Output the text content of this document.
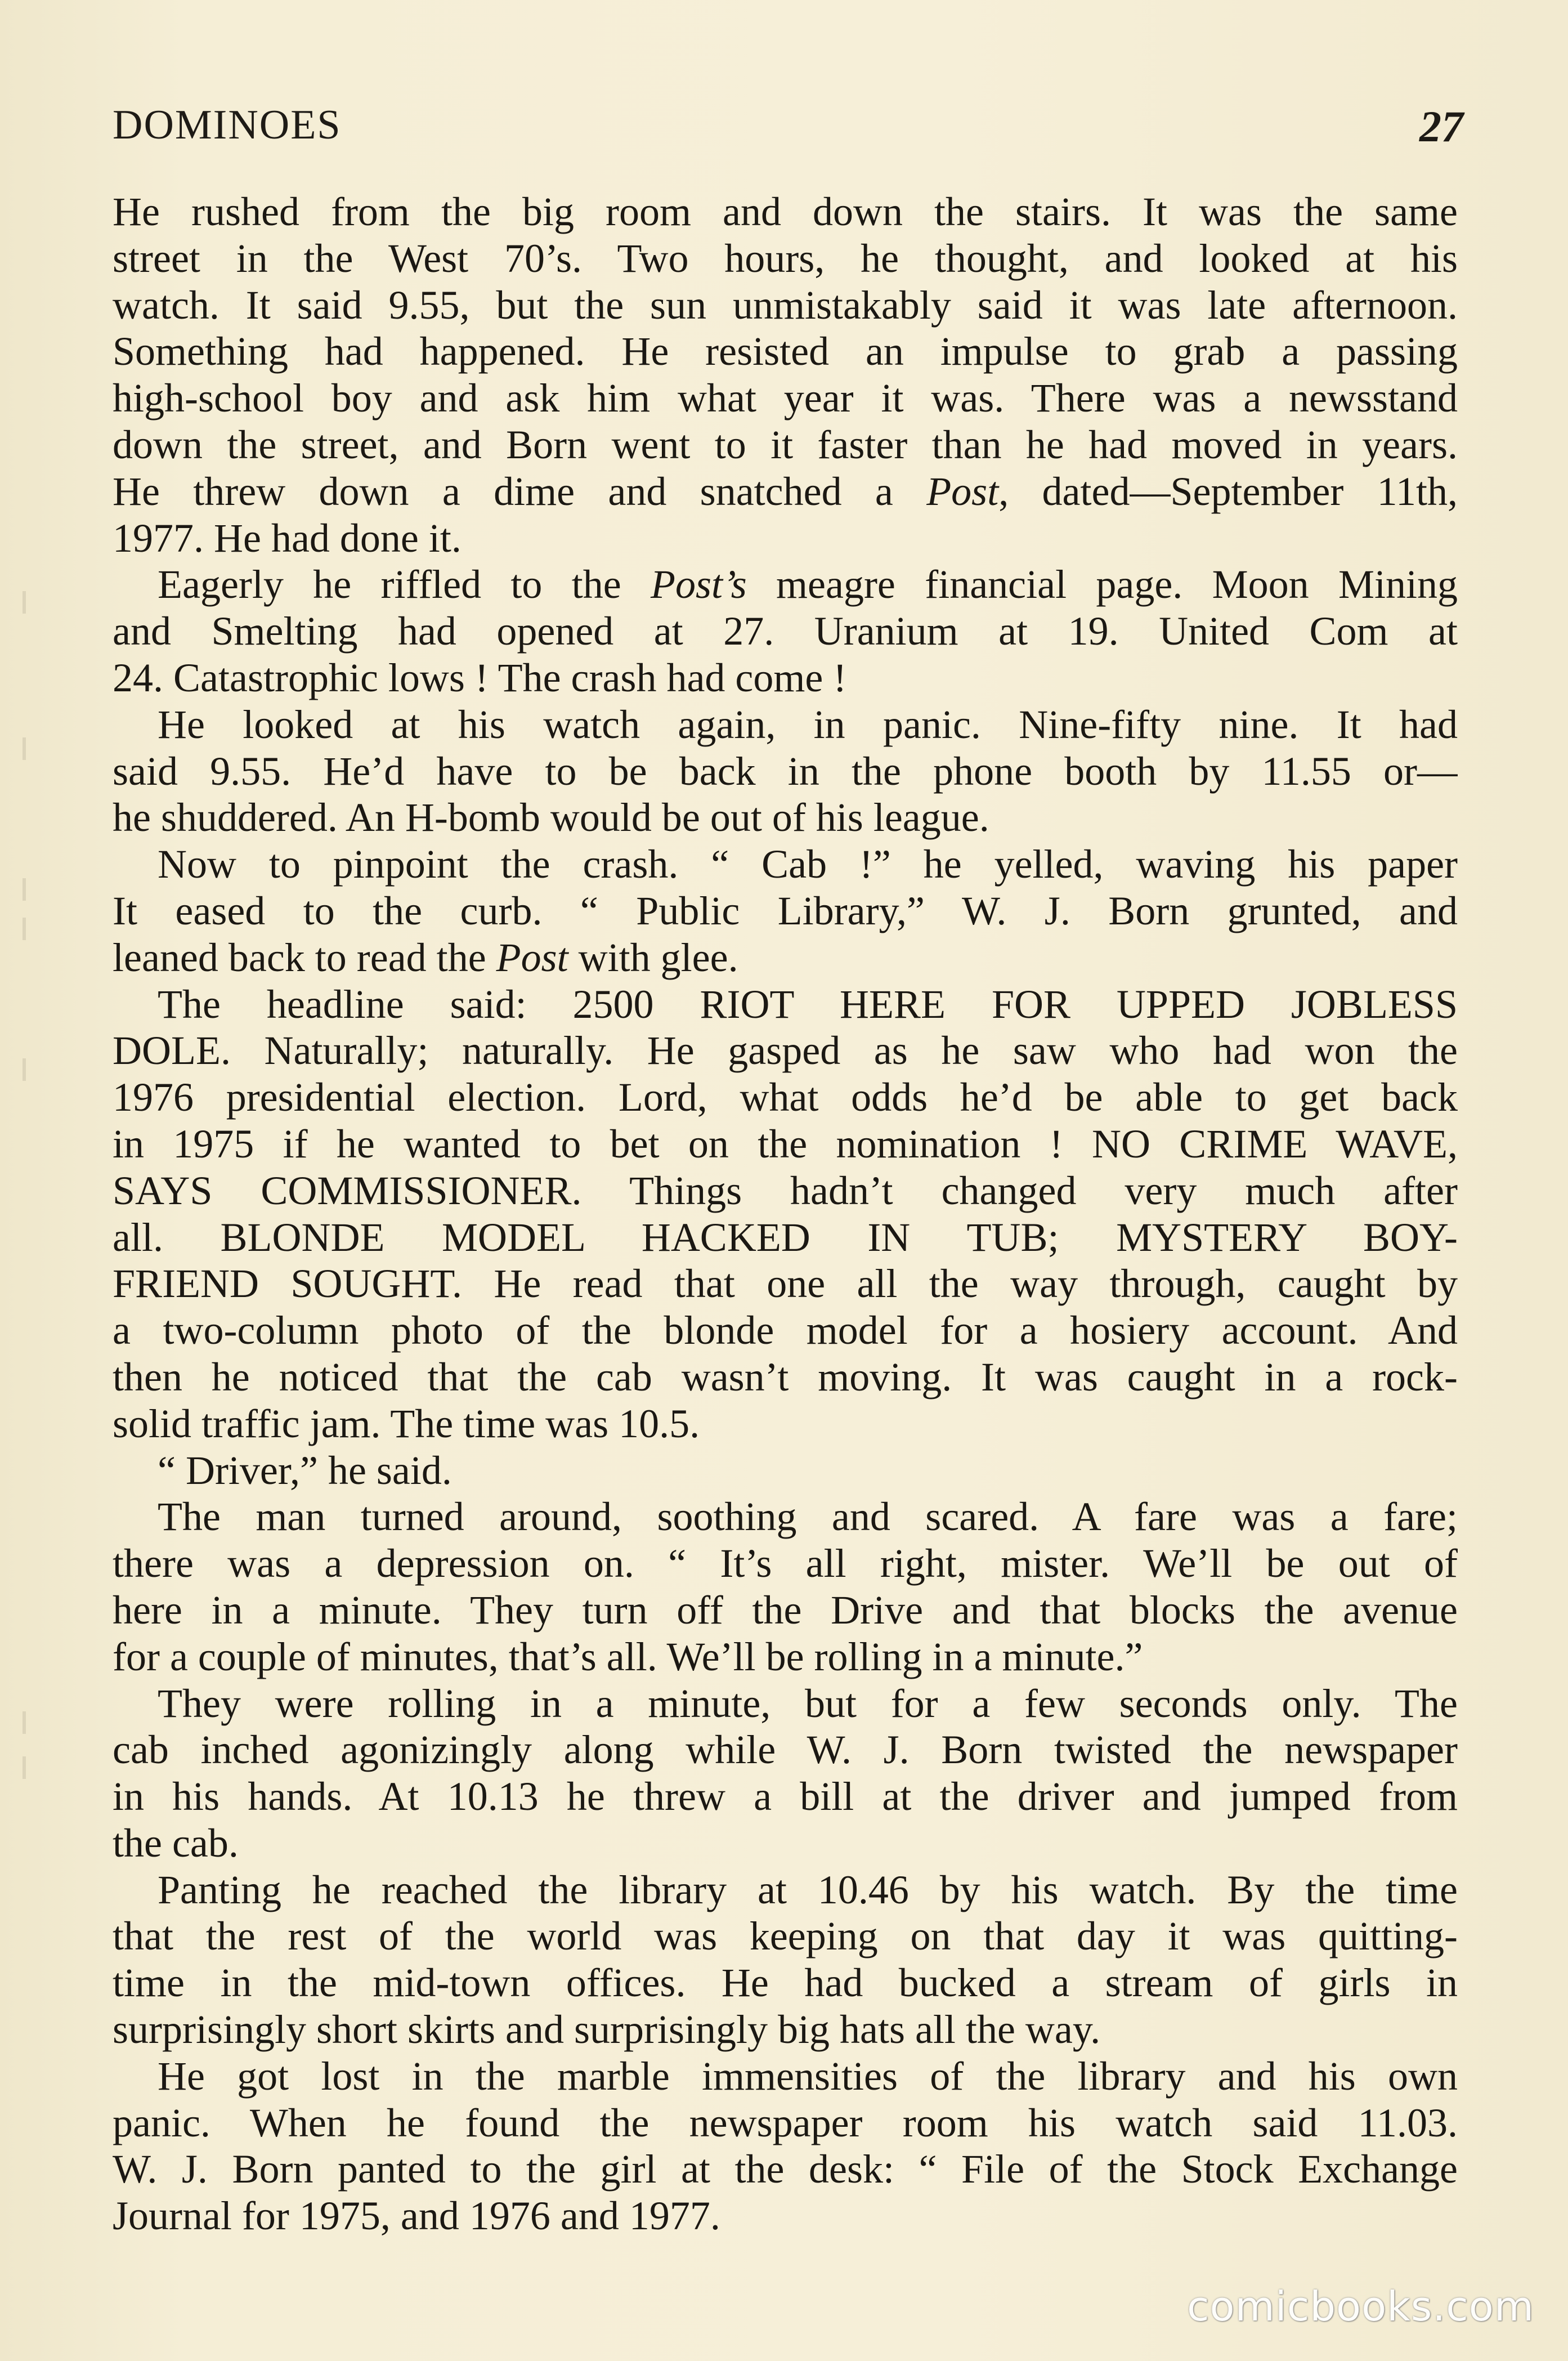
DOMINOES	27
He rushed from the big room and down the stairs. It was the same
street in the West 70’s. Two hours, he thought, and looked at his
watch. It said 9.55, but the sun unmistakably said it was late afternoon.
Something had happened. He resisted an impulse to grab a passing
high-school boy and ask him what year it was. There was a newsstand
down the street, and Born went to it faster than he had moved in years.
He threw down a dime and snatched a Post, dated—September 11th,
1977. He had done it.
Eagerly he riffled to the Post’s meagre financial page. Moon Mining
and Smelting had opened at 27. Uranium at 19. United Com at
24. Catastrophic lows ! The crash had come !
He looked at his watch again, in panic. Nine-fifty nine. It had
said 9.55. He’d have to be back in the phone booth by 11.55 or—
he shuddered. An H-bomb would be out of his league.
Now to pinpoint the crash. “ Cab !” he yelled, waving his paper
It eased to the curb. “ Public Library,” W. J. Born grunted, and
leaned back to read the Post with glee.
The headline said: 2500 RIOT HERE FOR UPPED JOBLESS
DOLE. Naturally; naturally. He gasped as he saw who had won the
1976 presidential election. Lord, what odds he’d be able to get back
in 1975 if he wanted to bet on the nomination ! NO CRIME WAVE,
SAYS COMMISSIONER. Things hadn’t changed very much after
all. BLONDE MODEL HACKED IN TUB; MYSTERY BOY-
FRIEND SOUGHT. He read that one all the way through, caught by
a two-column photo of the blonde model for a hosiery account. And
then he noticed that the cab wasn’t moving. It was caught in a rock-
solid traffic jam. The time was 10.5.
“ Driver,” he said.
The man turned around, soothing and scared. A fare was a fare;
there was a depression on. “ It’s all right, mister. We’ll be out of
here in a minute. They turn off the Drive and that blocks the avenue
for a couple of minutes, that’s all. We’ll be rolling in a minute.”
They were rolling in a minute, but for a few seconds only. The
cab inched agonizingly along while W. J. Born twisted the newspaper
in his hands. At 10.13 he threw a bill at the driver and jumped from
the cab.
Panting he reached the library at 10.46 by his watch. By the time
that the rest of the world was keeping on that day it was quitting-
time in the mid-town offices. He had bucked a stream of girls in
surprisingly short skirts and surprisingly big hats all the way.
He got lost in the marble immensities of the library and his own
panic. When he found the newspaper room his watch said 11.03.
W. J. Born panted to the girl at the desk: “ File of the Stock Exchange
Journal for 1975, and 1976 and 1977.
comicbooks.com
